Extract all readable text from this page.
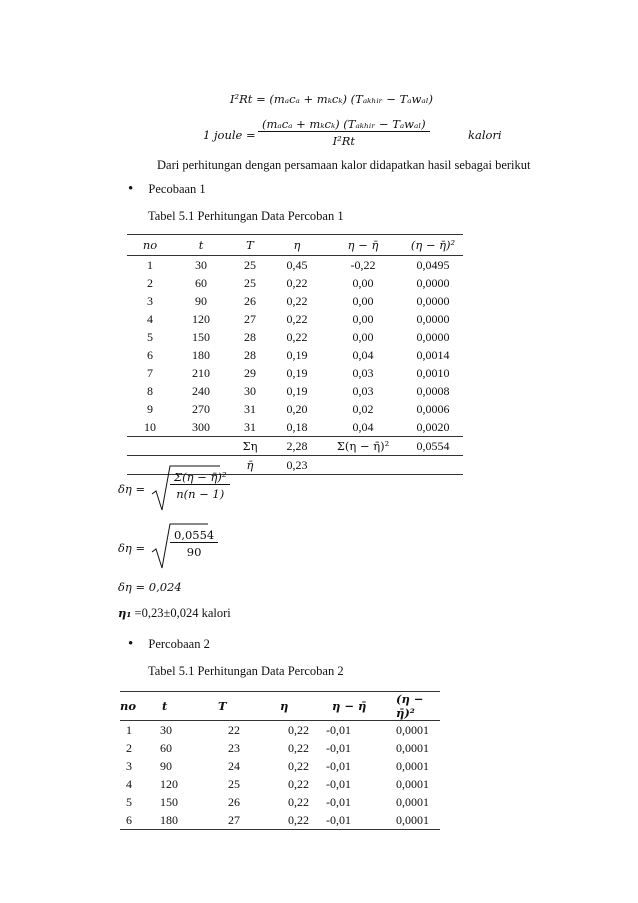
I²Rt = (mₐcₐ + mₖcₖ) (Tₐₖₕᵢᵣ − Tₐwₐₗ)
1 joule =
(mₐcₐ + mₖcₖ) (Tₐₖₕᵢᵣ − Tₐwₐₗ)
I²Rt	kalori
Dari perhitungan dengan persamaan kalor didapatkan hasil sebagai berikut
• Pecobaan 1
Tabel 5.1 Perhitungan Data Percoban 1
no	t	T	η	η − η̄	(η − η̄)²
1	30	25	0,45	-0,22	0,0495
2	60	25	0,22	0,00	0,0000
3	90	26	0,22	0,00	0,0000
4	120	27	0,22	0,00	0,0000
5	150	28	0,22	0,00	0,0000
6	180	28	0,19	0,04	0,0014
7	210	29	0,19	0,03	0,0010
8	240	30	0,19	0,03	0,0008
9	270	31	0,20	0,02	0,0006
10	300	31	0,18	0,04	0,0020
		Ση	2,28	Σ(η − η̄)²	0,0554
		η̄	0,23		
$\delta\eta = \frac{\text{Σ(η − η̄)²}}{n(n - 1)}$
$\delta\eta = \frac{0,0554}{90}$
δη = 0,024
η₁ =0,23±0,024 kalori
• Percobaan 2
Tabel 5.1 Perhitungan Data Percoban 2
no	t	T	η	η − η̄	(η − η̄)²
1	30	22	0,22	-0,01	0,0001
2	60	23	0,22	-0,01	0,0001
3	90	24	0,22	-0,01	0,0001
4	120	25	0,22	-0,01	0,0001
5	150	26	0,22	-0,01	0,0001
6	180	27	0,22	-0,01	0,0001
